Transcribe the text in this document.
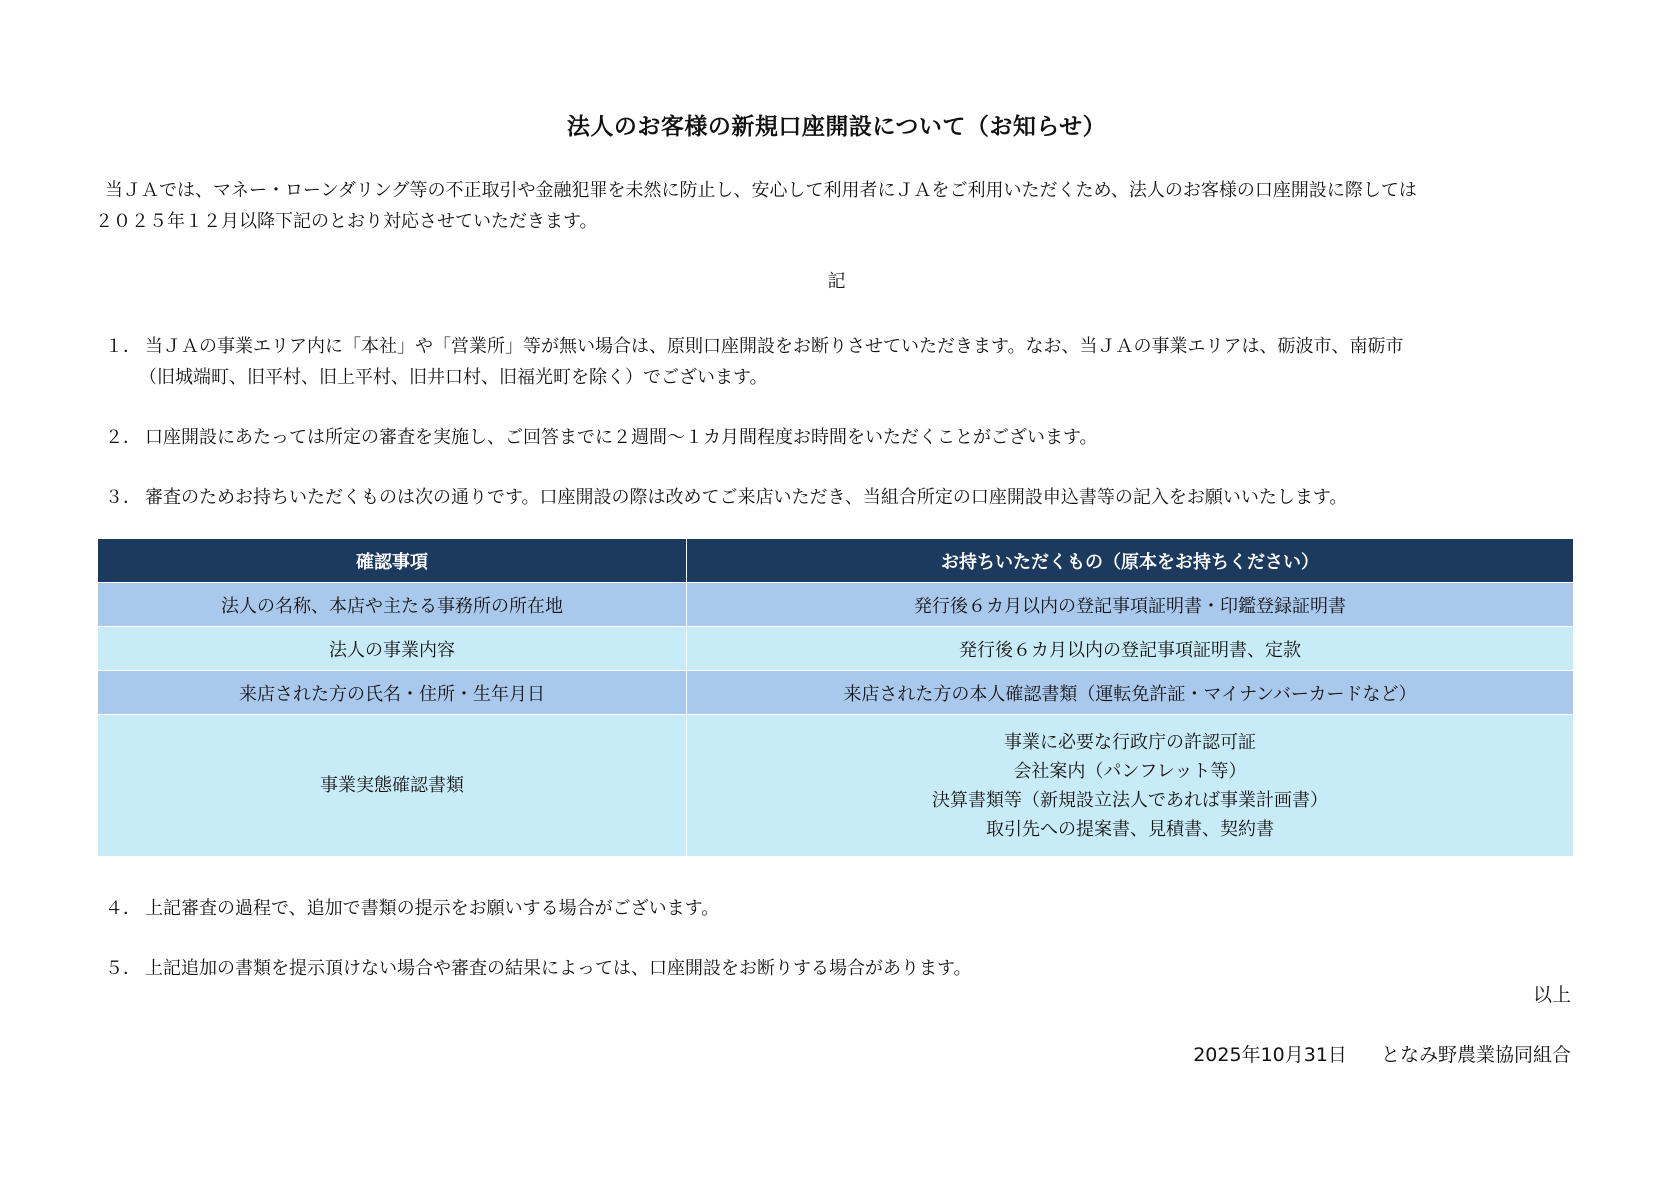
法人のお客様の新規口座開設について（お知らせ）

当ＪＡでは、マネー・ローンダリング等の不正取引や金融犯罪を未然に防止し、安心して利用者にＪＡをご利用いただくため、法人のお客様の口座開設に際しては

２０２５年１２月以降下記のとおり対応させていただきます。

記
１． 当ＪＡの事業エリア内に「本社」や「営業所」等が無い場合は、原則口座開設をお断りさせていただきます。なお、当ＪＡの事業エリアは、砺波市、南砺市

（旧城端町、旧平村、旧上平村、旧井口村、旧福光町を除く）でございます。

２． 口座開設にあたっては所定の審査を実施し、ご回答までに２週間～１カ月間程度お時間をいただくことがございます。

３． 審査のためお持ちいただくものは次の通りです。口座開設の際は改めてご来店いただき、当組合所定の口座開設申込書等の記入をお願いいたします。

確認事項	お持ちいただくもの（原本をお持ちください）
法人の名称、本店や主たる事務所の所在地	発行後６カ月以内の登記事項証明書・印鑑登録証明書
法人の事業内容	発行後６カ月以内の登記事項証明書、定款
来店された方の氏名・住所・生年月日	来店された方の本人確認書類（運転免許証・マイナンバーカードなど）
事業実態確認書類	事業に必要な行政庁の許認可証
会社案内（パンフレット等）
決算書類等（新規設立法人であれば事業計画書）
取引先への提案書、見積書、契約書
４． 上記審査の過程で、追加で書類の提示をお願いする場合がございます。

５． 上記追加の書類を提示頂けない場合や審査の結果によっては、口座開設をお断りする場合があります。

以上
2025年10月31日 となみ野農業協同組合
